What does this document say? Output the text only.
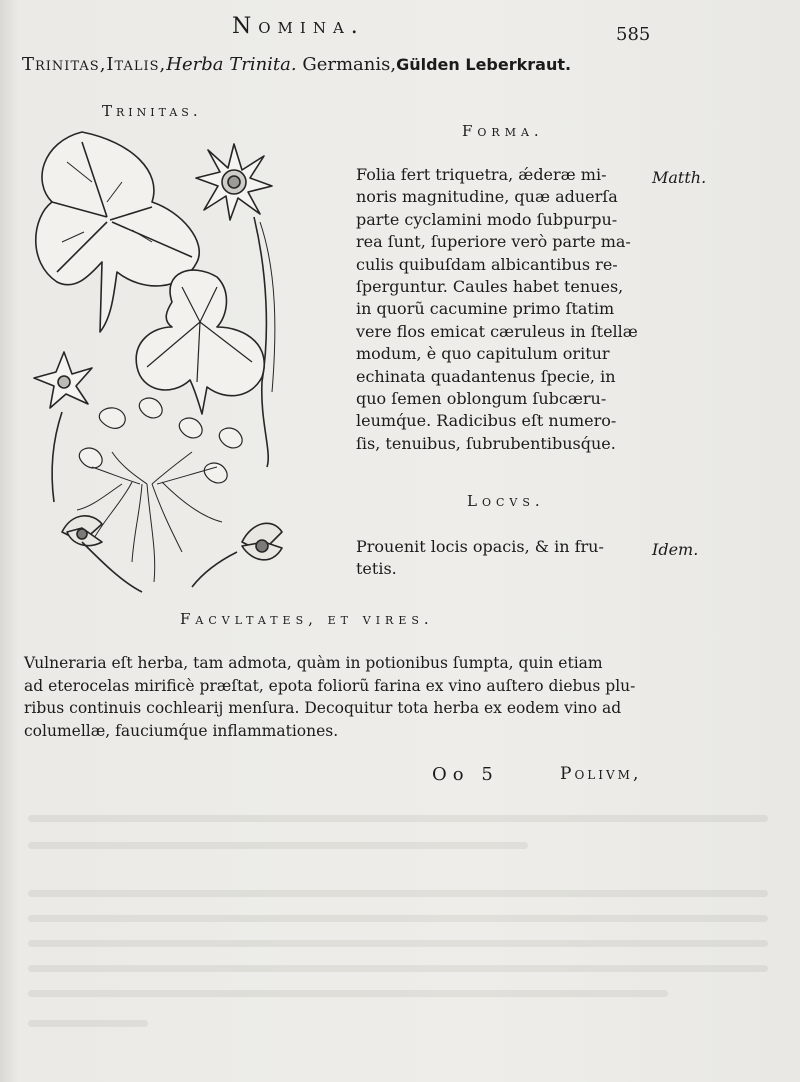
Nomina.	585
Trinitas,Italis,Herba Trinita. Germanis,Gülden Leberkraut.
Trinitas.
Forma.
Folia fert triquetra, ǽderæ mi-
noris magnitudine, quæ aduerſa
parte cyclamini modo ſubpurpu-
rea ſunt, ſuperiore verò parte ma-
culis quibuſdam albicantibus re-
ſperguntur. Caules habet tenues,
in quorũ cacumine primo ſtatim
vere flos emicat cæruleus in ſtellæ
modum, è quo capitulum oritur
echinata quadantenus ſpecie, in
quo ſemen oblongum ſubcæru-
leumq́ue. Radicibus eſt numero-
ſis, tenuibus, ſubrubentibusq́ue.
Matth.
Locvs.
Prouenit locis opacis, & in fru-
tetis.
Idem.
Facvltates, et vires.
Vulneraria eſt herba, tam admota, quàm in potionibus ſumpta, quin etiam
ad eterocelas mirificè præſtat, epota foliorũ farina ex vino auſtero diebus plu-
ribus continuis cochlearij menſura. Decoquitur tota herba ex eodem vino ad
columellæ, fauciumq́ue inflammationes.
Oo 5	Polivm,
